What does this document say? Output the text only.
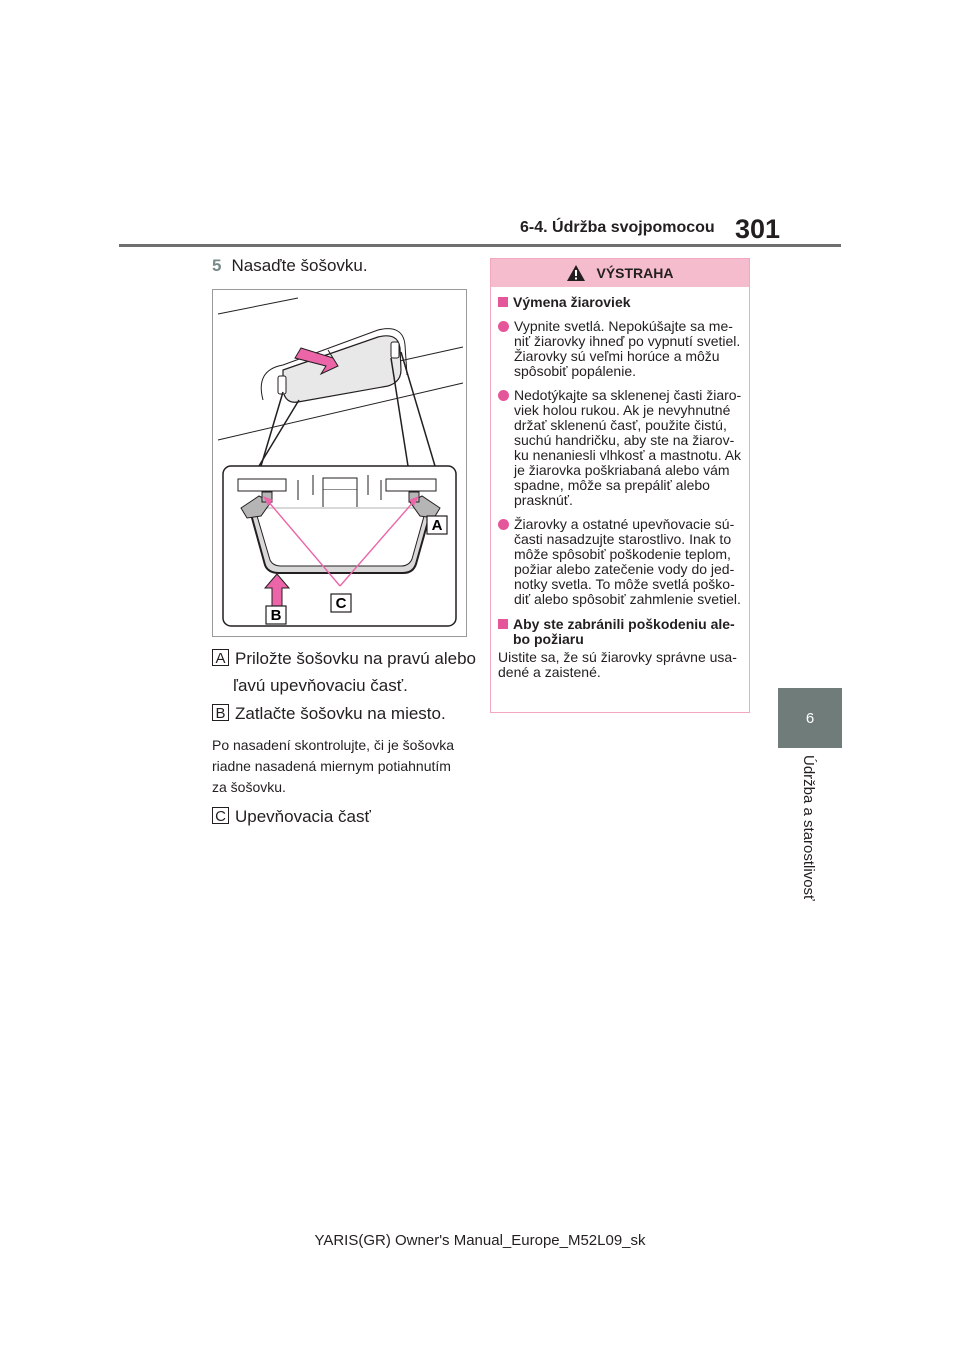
6-4. Údržba svojpomocou 301
6
Údržba a starostlivosť
5 Nasaďte šošovku.
A
B
C
A Priložte šošovku na pravú alebo
ľavú upevňovaciu časť.
B Zatlačte šošovku na miesto.
Po nasadení skontrolujte, či je šošovka riadne nasadená miernym potiahnutím za šošovku.
C Upevňovacia časť
VÝSTRAHA
Výmena žiaroviek
Vypnite svetlá. Nepokúšajte sa me-niť žiarovky ihneď po vypnutí svetiel. Žiarovky sú veľmi horúce a môžu spôsobiť popálenie.
Nedotýkajte sa sklenenej časti žiaro-viek holou rukou. Ak je nevyhnutné držať sklenenú časť, použite čistú, suchú handričku, aby ste na žiarov-ku nenaniesli vlhkosť a mastnotu. Ak je žiarovka poškriabaná alebo vám spadne, môže sa prepáliť alebo prasknúť.
Žiarovky a ostatné upevňovacie sú-časti nasadzujte starostlivo. Inak to môže spôsobiť poškodenie teplom, požiar alebo zatečenie vody do jed-notky svetla. To môže svetlá poško-diť alebo spôsobiť zahmlenie svetiel.
Aby ste zabránili poškodeniu ale-bo požiaru
Uistite sa, že sú žiarovky správne usa-dené a zaistené.
YARIS(GR) Owner's Manual_Europe_M52L09_sk
